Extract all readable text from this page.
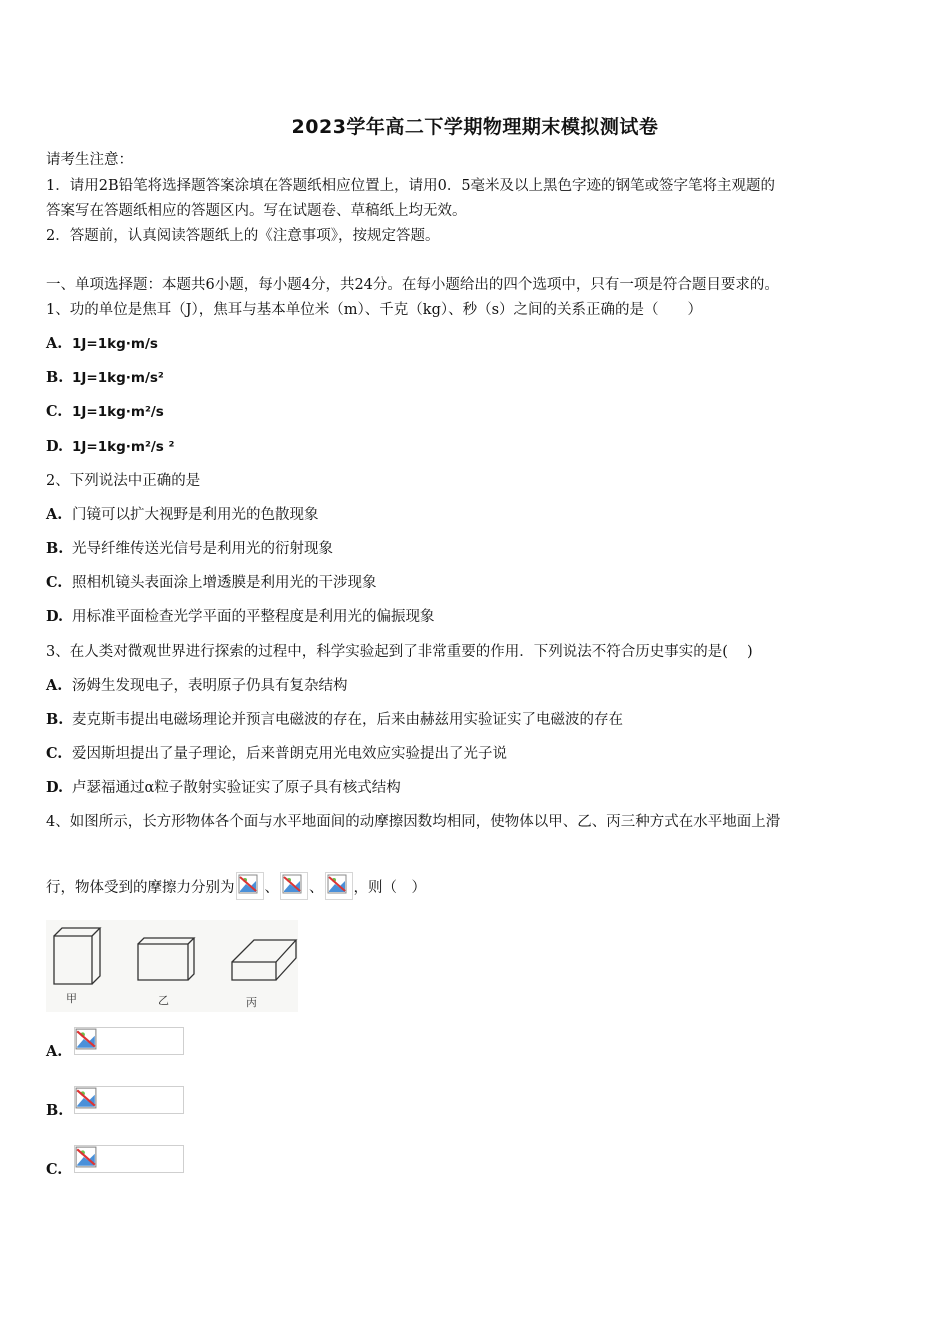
2023学年高二下学期物理期末模拟测试卷
请考生注意：
1．请用2B铅笔将选择题答案涂填在答题纸相应位置上，请用0．5毫米及以上黑色字迹的钢笔或签字笔将主观题的
答案写在答题纸相应的答题区内。写在试题卷、草稿纸上均无效。
2．答题前，认真阅读答题纸上的《注意事项》，按规定答题。
一、单项选择题：本题共6小题，每小题4分，共24分。在每小题给出的四个选项中，只有一项是符合题目要求的。
1、功的单位是焦耳（J），焦耳与基本单位米（m）、千克（kg）、秒（s）之间的关系正确的是（　　）
A. 1J=1kg·m/s
B. 1J=1kg·m/s²
C. 1J=1kg·m²/s
D. 1J=1kg·m²/s ²
2、下列说法中正确的是
A. 门镜可以扩大视野是利用光的色散现象
B. 光导纤维传送光信号是利用光的衍射现象
C. 照相机镜头表面涂上增透膜是利用光的干涉现象
D. 用标准平面检查光学平面的平整程度是利用光的偏振现象
3、在人类对微观世界进行探索的过程中，科学实验起到了非常重要的作用．下列说法不符合历史事实的是(　 )
A. 汤姆生发现电子，表明原子仍具有复杂结构
B. 麦克斯韦提出电磁场理论并预言电磁波的存在，后来由赫兹用实验证实了电磁波的存在
C. 爱因斯坦提出了量子理论，后来普朗克用光电效应实验提出了光子说
D. 卢瑟福通过α粒子散射实验证实了原子具有核式结构
4、如图所示，长方形物体各个面与水平地面间的动摩擦因数均相同，使物体以甲、乙、丙三种方式在水平地面上滑
行，物体受到的摩擦力分别为 、 、 ，则（　）
甲	乙	丙
A.
B.
C.
